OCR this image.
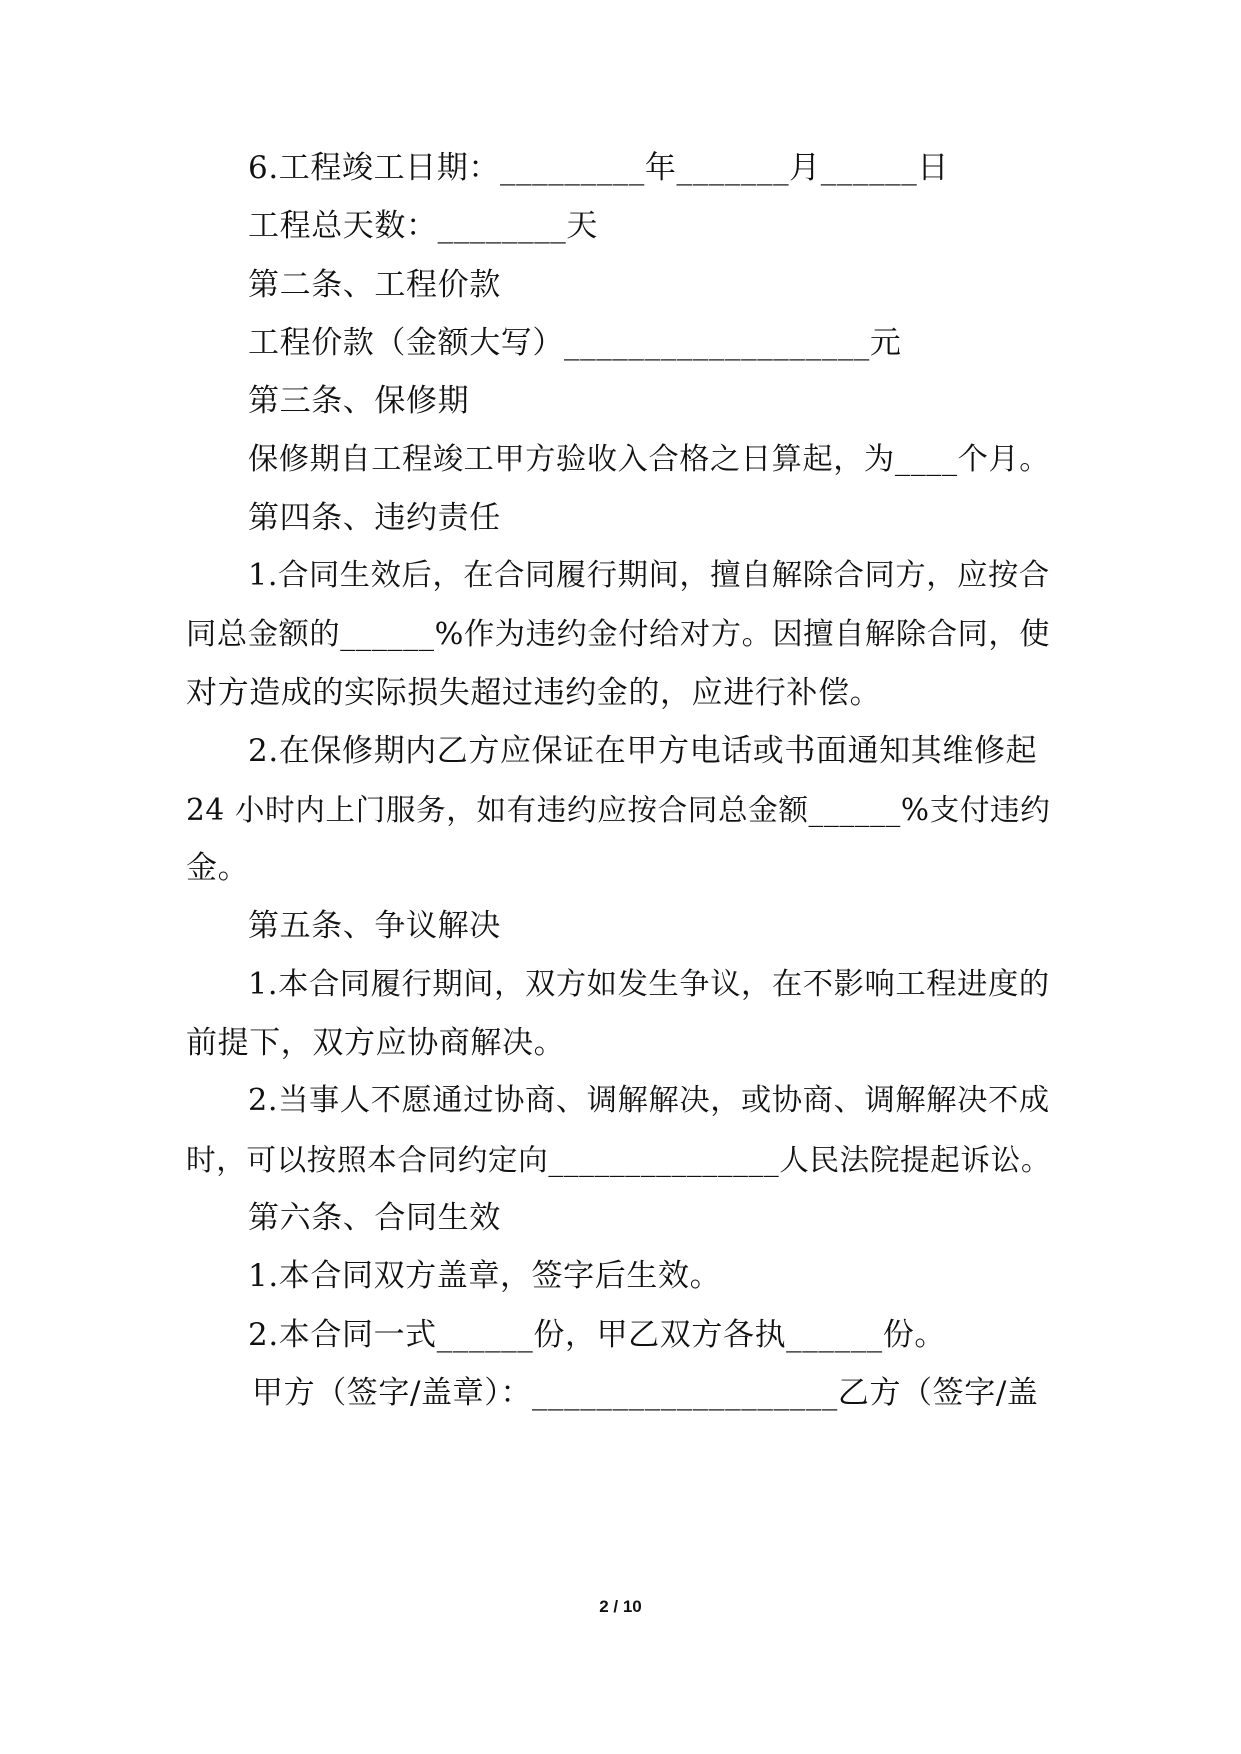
6.工程竣工日期：_________年_______月______日
工程总天数：________天
第二条、工程价款
工程价款（金额大写）___________________元
第三条、保修期
保修期自工程竣工甲方验收入合格之日算起，为____个月。
第四条、违约责任
1.合同生效后，在合同履行期间，擅自解除合同方，应按合
同总金额的______%作为违约金付给对方。因擅自解除合同，使
对方造成的实际损失超过违约金的，应进行补偿。
2.在保修期内乙方应保证在甲方电话或书面通知其维修起
24 小时内上门服务，如有违约应按合同总金额______%支付违约
金。
第五条、争议解决
1.本合同履行期间，双方如发生争议，在不影响工程进度的
前提下，双方应协商解决。
2.当事人不愿通过协商、调解解决，或协商、调解解决不成
时，可以按照本合同约定向_______________人民法院提起诉讼。
第六条、合同生效
1.本合同双方盖章，签字后生效。
2.本合同一式______份，甲乙双方各执______份。
甲方（签字/盖章）：___________________乙方（签字/盖
2 / 10
